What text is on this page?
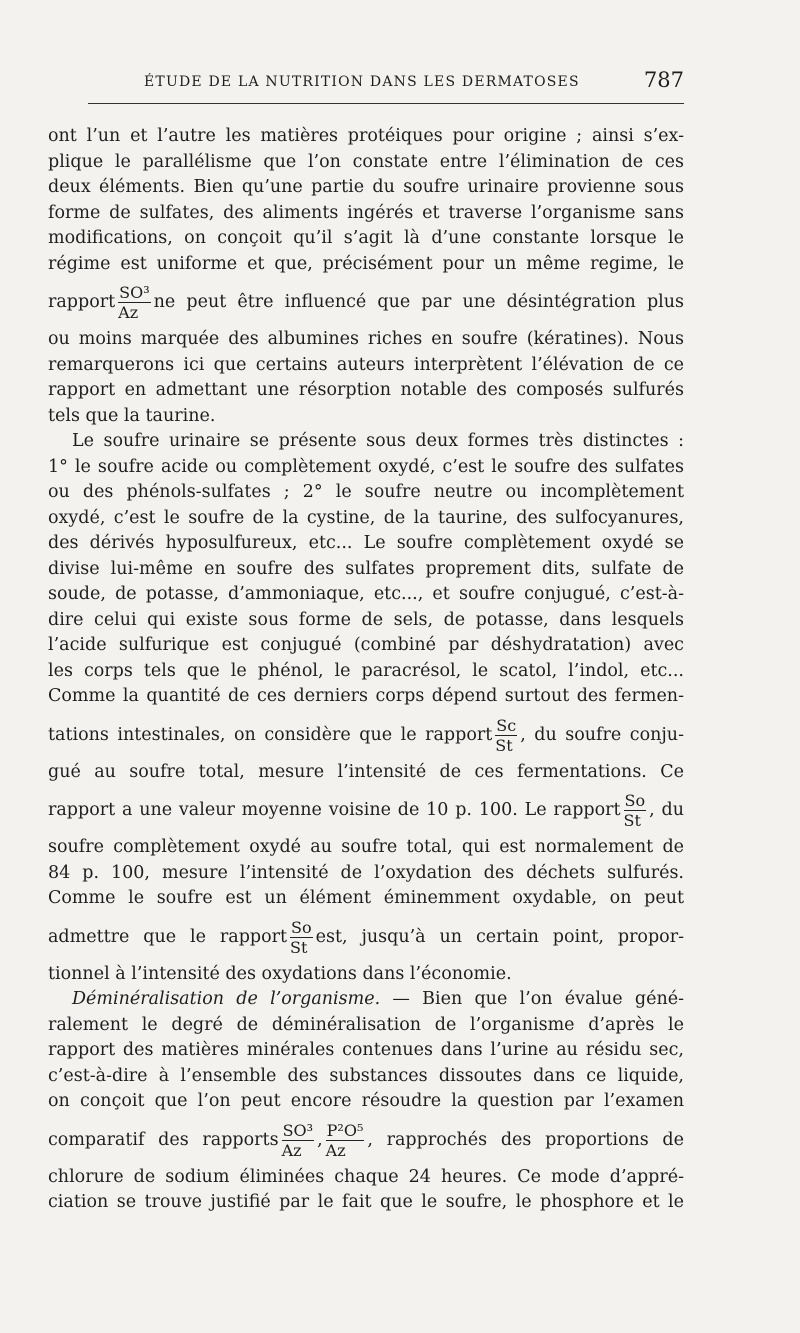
ÉTUDE DE LA NUTRITION DANS LES DERMATOSES	787
ont l’un et l’autre les matières protéiques pour origine ; ainsi s’ex-
plique le parallélisme que l’on constate entre l’élimination de ces
deux éléments. Bien qu’une partie du soufre urinaire provienne sous
forme de sulfates, des aliments ingérés et traverse l’organisme sans
modifications, on conçoit qu’il s’agit là d’une constante lorsque le
régime est uniforme et que, précisément pour un même regime, le
rapport $\frac{\text{SO³}}{Az}$ ne peut être influencé que par une désintégration plus
ou moins marquée des albumines riches en soufre (kératines). Nous
remarquerons ici que certains auteurs interprètent l’élévation de ce
rapport en admettant une résorption notable des composés sulfurés
tels que la taurine.
Le soufre urinaire se présente sous deux formes très distinctes :
1° le soufre acide ou complètement oxydé, c’est le soufre des sulfates
ou des phénols-sulfates ; 2° le soufre neutre ou incomplètement
oxydé, c’est le soufre de la cystine, de la taurine, des sulfocyanures,
des dérivés hyposulfureux, etc... Le soufre complètement oxydé se
divise lui-même en soufre des sulfates proprement dits, sulfate de
soude, de potasse, d’ammoniaque, etc..., et soufre conjugué, c’est-à-
dire celui qui existe sous forme de sels, de potasse, dans lesquels
l’acide sulfurique est conjugué (combiné par déshydratation) avec
les corps tels que le phénol, le paracrésol, le scatol, l’indol, etc...
Comme la quantité de ces derniers corps dépend surtout des fermen-
tations intestinales, on considère que le rapport $\frac{Sc}{St}$ , du soufre conju-
gué au soufre total, mesure l’intensité de ces fermentations. Ce
rapport a une valeur moyenne voisine de 10 p. 100. Le rapport $\frac{So}{St}$ , du
soufre complètement oxydé au soufre total, qui est normalement de
84 p. 100, mesure l’intensité de l’oxydation des déchets sulfurés.
Comme le soufre est un élément éminemment oxydable, on peut
admettre que le rapport $\frac{So}{St}$ est, jusqu’à un certain point, propor-
tionnel à l’intensité des oxydations dans l’économie.
Déminéralisation de l’organisme. — Bien que l’on évalue géné-
ralement le degré de déminéralisation de l’organisme d’après le
rapport des matières minérales contenues dans l’urine au résidu sec,
c’est-à-dire à l’ensemble des substances dissoutes dans ce liquide,
on conçoit que l’on peut encore résoudre la question par l’examen
comparatif des rapports $\frac{\text{SO³}}{Az}$ , $\frac{\text{P²O⁵}}{Az}$ , rapprochés des proportions de
chlorure de sodium éliminées chaque 24 heures. Ce mode d’appré-
ciation se trouve justifié par le fait que le soufre, le phosphore et le
